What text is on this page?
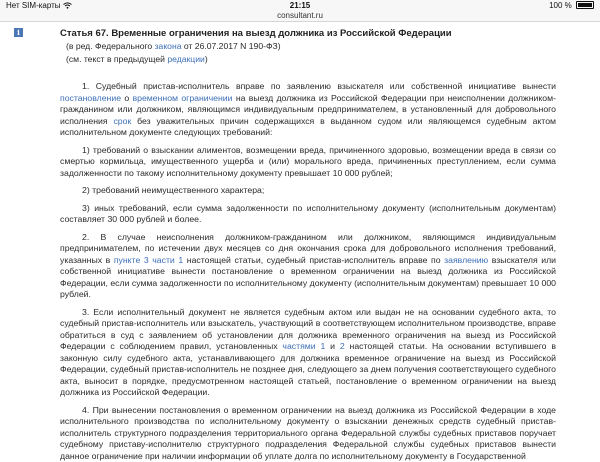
Нет SIM-карты	21:15	100 %
consultant.ru
i	Статья 67. Временные ограничения на выезд должника из Российской Федерации
(в ред. Федерального закона от 26.07.2017 N 190-ФЗ)
(см. текст в предыдущей редакции)

1. Судебный пристав-исполнитель вправе по заявлению взыскателя или собственной инициативе вынести постановление о временном ограничении на выезд должника из Российской Федерации при неисполнении должником-гражданином или должником, являющимся индивидуальным предпринимателем, в установленный для добровольного исполнения срок без уважительных причин содержащихся в выданном судом или являющемся судебным актом исполнительном документе следующих требований:

1) требований о взыскании алиментов, возмещении вреда, причиненного здоровью, возмещении вреда в связи со смертью кормильца, имущественного ущерба и (или) морального вреда, причиненных преступлением, если сумма задолженности по такому исполнительному документу превышает 10 000 рублей;

2) требований неимущественного характера;

3) иных требований, если сумма задолженности по исполнительному документу (исполнительным документам) составляет 30 000 рублей и более.

2. В случае неисполнения должником-гражданином или должником, являющимся индивидуальным предпринимателем, по истечении двух месяцев со дня окончания срока для добровольного исполнения требований, указанных в пункте 3 части 1 настоящей статьи, судебный пристав-исполнитель вправе по заявлению взыскателя или собственной инициативе вынести постановление о временном ограничении на выезд должника из Российской Федерации, если сумма задолженности по исполнительному документу (исполнительным документам) превышает 10 000 рублей.

3. Если исполнительный документ не является судебным актом или выдан не на основании судебного акта, то судебный пристав-исполнитель или взыскатель, участвующий в соответствующем исполнительном производстве, вправе обратиться в суд с заявлением об установлении для должника временного ограничения на выезд из Российской Федерации с соблюдением правил, установленных частями 1 и 2 настоящей статьи. На основании вступившего в законную силу судебного акта, устанавливающего для должника временное ограничение на выезд из Российской Федерации, судебный пристав-исполнитель не позднее дня, следующего за днем получения соответствующего судебного акта, выносит в порядке, предусмотренном настоящей статьей, постановление о временном ограничении на выезд должника из Российской Федерации.

4. При вынесении постановления о временном ограничении на выезд должника из Российской Федерации в ходе исполнительного производства по исполнительному документу о взыскании денежных средств судебный пристав-исполнитель структурного подразделения территориального органа Федеральной службы судебных приставов поручает судебному приставу-исполнителю структурного подразделения Федеральной службы судебных приставов вынести данное ограничение при наличии информации об уплате долга по исполнительному документу в Государственной
